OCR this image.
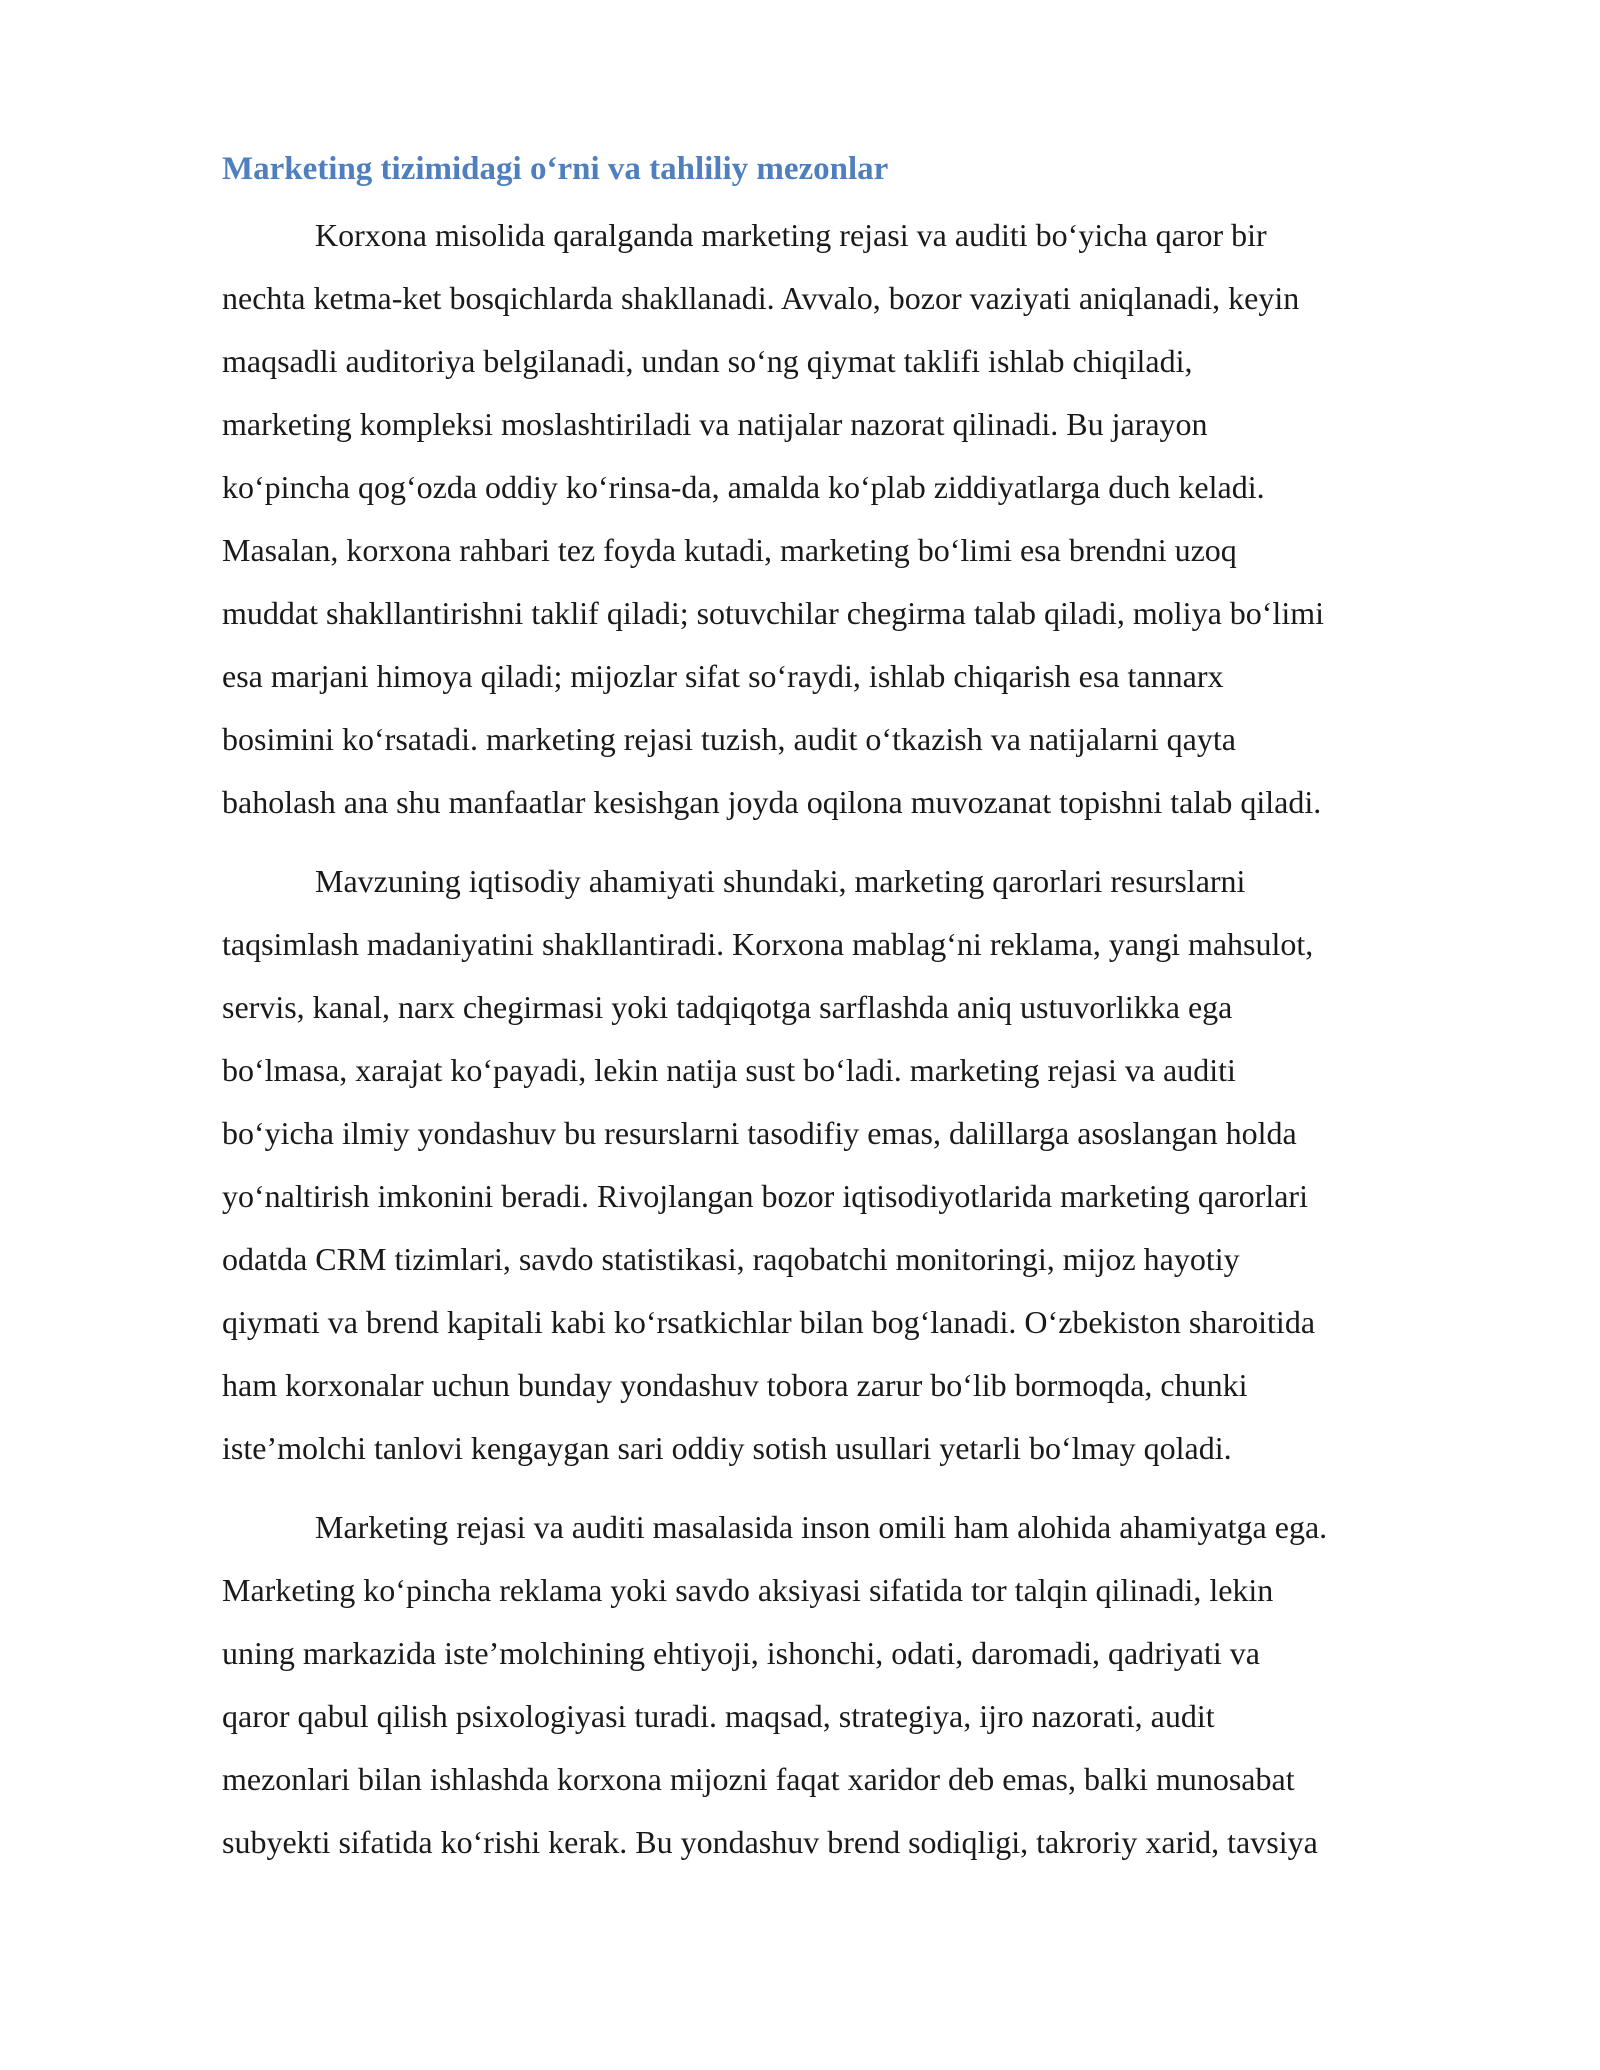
Marketing tizimidagi o‘rni va tahliliy mezonlar
Korxona misolida qaralganda marketing rejasi va auditi bo‘yicha qaror bir
nechta ketma-ket bosqichlarda shakllanadi. Avvalo, bozor vaziyati aniqlanadi, keyin
maqsadli auditoriya belgilanadi, undan so‘ng qiymat taklifi ishlab chiqiladi,
marketing kompleksi moslashtiriladi va natijalar nazorat qilinadi. Bu jarayon
ko‘pincha qog‘ozda oddiy ko‘rinsa-da, amalda ko‘plab ziddiyatlarga duch keladi.
Masalan, korxona rahbari tez foyda kutadi, marketing bo‘limi esa brendni uzoq
muddat shakllantirishni taklif qiladi; sotuvchilar chegirma talab qiladi, moliya bo‘limi
esa marjani himoya qiladi; mijozlar sifat so‘raydi, ishlab chiqarish esa tannarx
bosimini ko‘rsatadi. marketing rejasi tuzish, audit o‘tkazish va natijalarni qayta
baholash ana shu manfaatlar kesishgan joyda oqilona muvozanat topishni talab qiladi.
Mavzuning iqtisodiy ahamiyati shundaki, marketing qarorlari resurslarni
taqsimlash madaniyatini shakllantiradi. Korxona mablag‘ni reklama, yangi mahsulot,
servis, kanal, narx chegirmasi yoki tadqiqotga sarflashda aniq ustuvorlikka ega
bo‘lmasa, xarajat ko‘payadi, lekin natija sust bo‘ladi. marketing rejasi va auditi
bo‘yicha ilmiy yondashuv bu resurslarni tasodifiy emas, dalillarga asoslangan holda
yo‘naltirish imkonini beradi. Rivojlangan bozor iqtisodiyotlarida marketing qarorlari
odatda CRM tizimlari, savdo statistikasi, raqobatchi monitoringi, mijoz hayotiy
qiymati va brend kapitali kabi ko‘rsatkichlar bilan bog‘lanadi. O‘zbekiston sharoitida
ham korxonalar uchun bunday yondashuv tobora zarur bo‘lib bormoqda, chunki
iste’molchi tanlovi kengaygan sari oddiy sotish usullari yetarli bo‘lmay qoladi.
Marketing rejasi va auditi masalasida inson omili ham alohida ahamiyatga ega.
Marketing ko‘pincha reklama yoki savdo aksiyasi sifatida tor talqin qilinadi, lekin
uning markazida iste’molchining ehtiyoji, ishonchi, odati, daromadi, qadriyati va
qaror qabul qilish psixologiyasi turadi. maqsad, strategiya, ijro nazorati, audit
mezonlari bilan ishlashda korxona mijozni faqat xaridor deb emas, balki munosabat
subyekti sifatida ko‘rishi kerak. Bu yondashuv brend sodiqligi, takroriy xarid, tavsiya
